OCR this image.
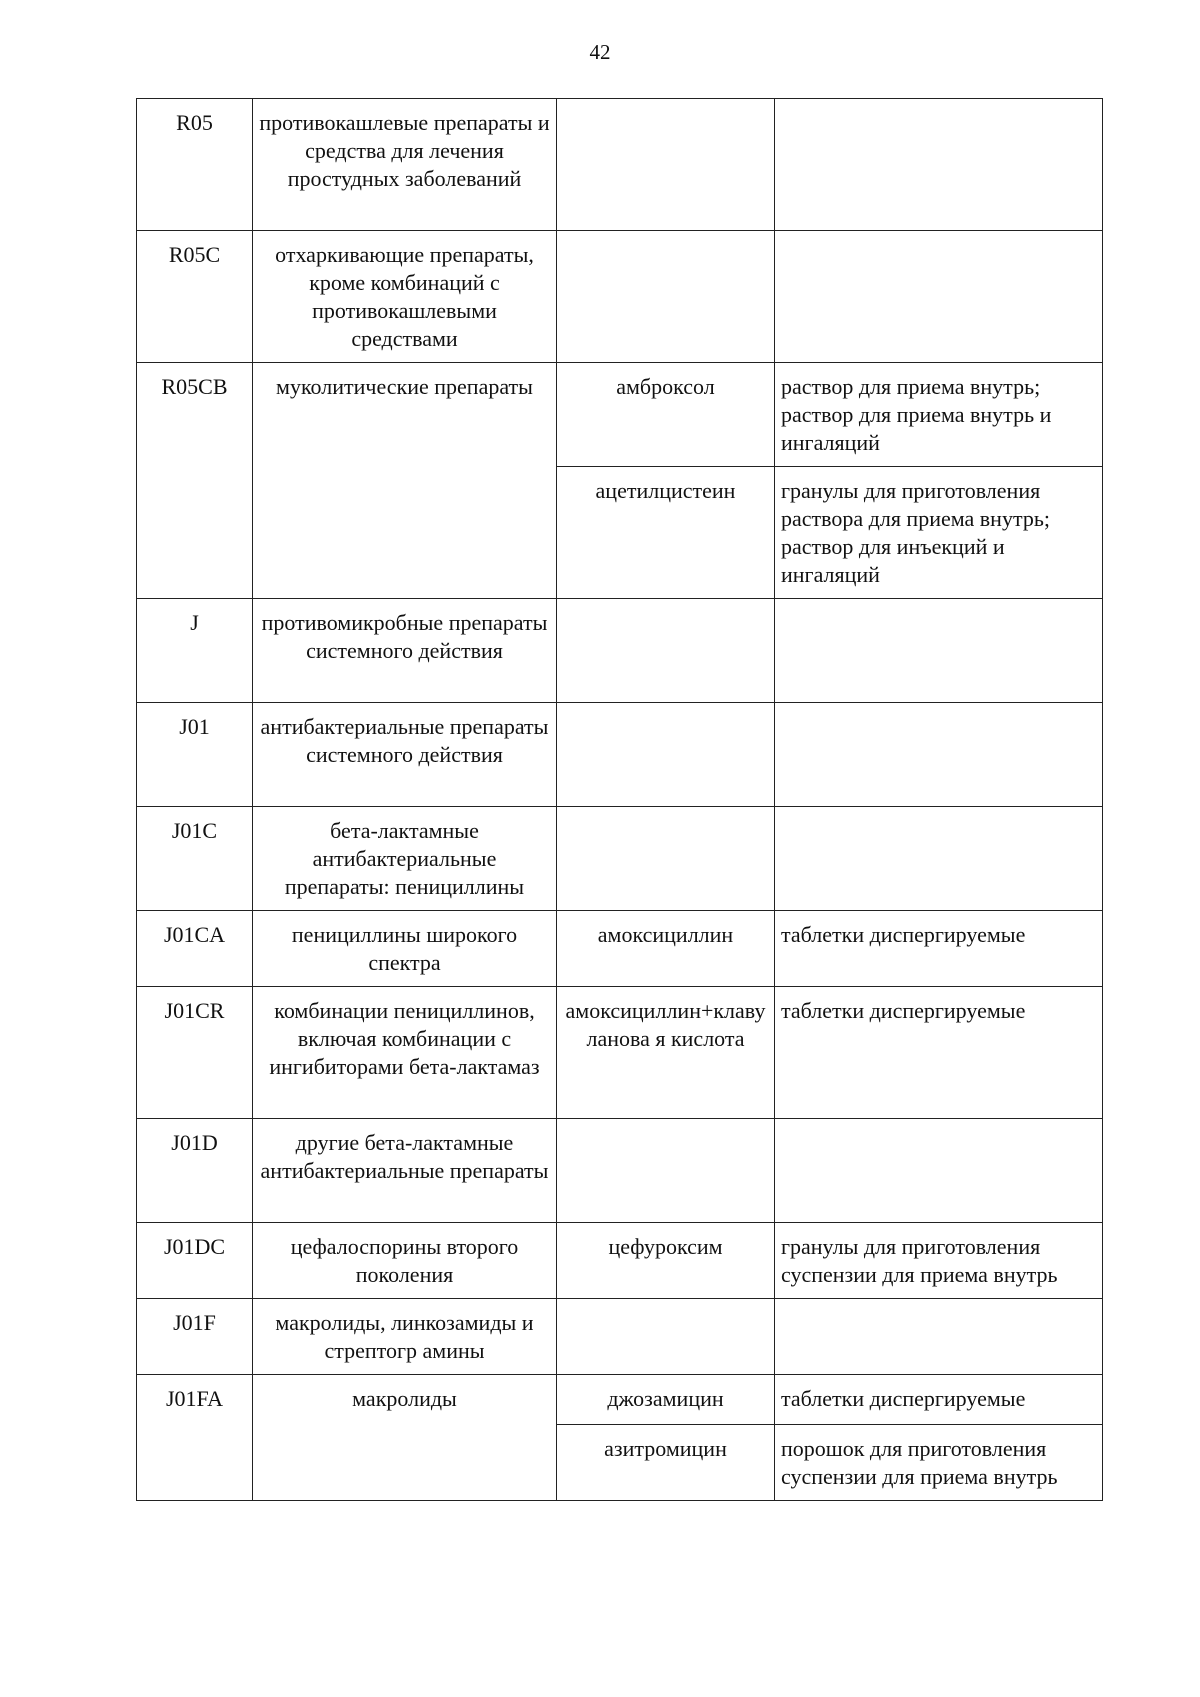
42
R05	противокашлевые препараты и средства для лечения простудных заболеваний		
R05C	отхаркивающие препараты, кроме комбинаций с противокашлевыми средствами		
R05CB	муколитические препараты	амброксол	раствор для приема внутрь; раствор для приема внутрь и ингаляций
		ацетилцистеин	гранулы для приготовления раствора для приема внутрь; раствор для инъекций и ингаляций
J	противомикробные препараты системного действия		
J01	антибактериальные препараты системного действия		
J01C	бета-лактамные антибактериальные препараты: пенициллины		
J01CA	пенициллины широкого спектра	амоксициллин	таблетки диспергируемые
J01CR	комбинации пенициллинов, включая комбинации с ингибиторами бета-лактамаз	амоксициллин+клавуланова я кислота	таблетки диспергируемые
J01D	другие бета-лактамные антибактериальные препараты		
J01DC	цефалоспорины второго поколения	цефуроксим	гранулы для приготовления суспензии для приема внутрь
J01F	макролиды, линкозамиды и стрептогр амины		
J01FA	макролиды	джозамицин	таблетки диспергируемые
		азитромицин	порошок для приготовления суспензии для приема внутрь
